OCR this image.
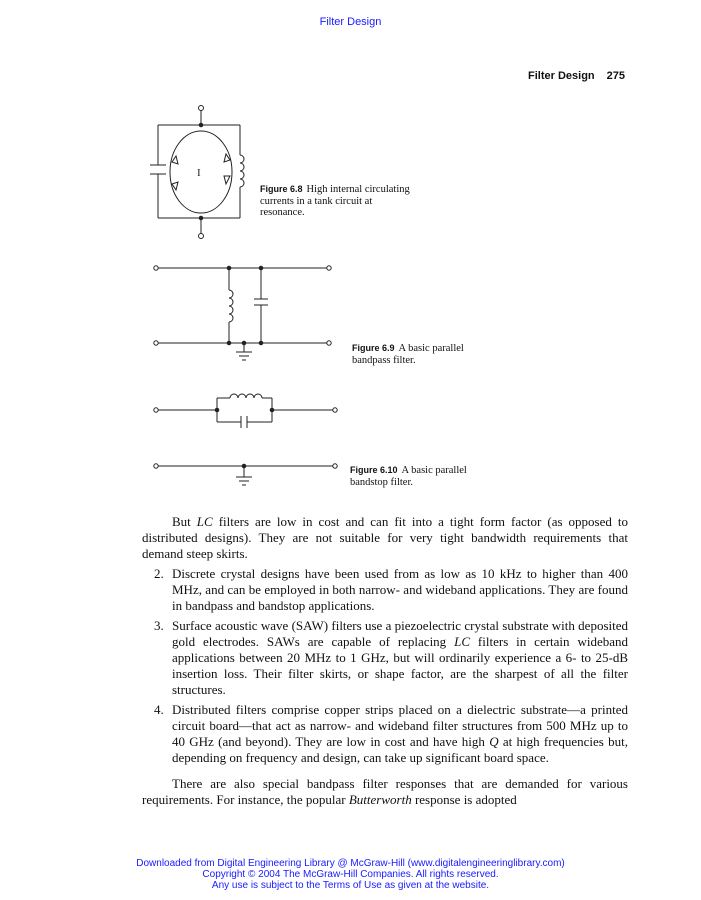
Filter Design
Filter Design 275
I
Figure 6.8 High internal circulating currents in a tank circuit at resonance.
Figure 6.9 A basic parallel bandpass filter.
Figure 6.10 A basic parallel bandstop filter.

But LC filters are low in cost and can fit into a tight form factor (as opposed to distributed designs). They are not suitable for very tight bandwidth requirements that demand steep skirts.

2. Discrete crystal designs have been used from as low as 10 kHz to higher than 400 MHz, and can be employed in both narrow- and wideband applications. They are found in bandpass and bandstop applications.
3. Surface acoustic wave (SAW) filters use a piezoelectric crystal substrate with deposited gold electrodes. SAWs are capable of replacing LC filters in certain wideband applications between 20 MHz to 1 GHz, but will ordinarily experience a 6- to 25-dB insertion loss. Their filter skirts, or shape factor, are the sharpest of all the filter structures.
4. Distributed filters comprise copper strips placed on a dielectric substrate—a printed circuit board—that act as narrow- and wideband filter structures from 500 MHz up to 40 GHz (and beyond). They are low in cost and have high Q at high frequencies but, depending on frequency and design, can take up significant board space.

There are also special bandpass filter responses that are demanded for various requirements. For instance, the popular Butterworth response is adopted

Downloaded from Digital Engineering Library @ McGraw-Hill (www.digitalengineeringlibrary.com)
Copyright © 2004 The McGraw-Hill Companies. All rights reserved.
Any use is subject to the Terms of Use as given at the website.
